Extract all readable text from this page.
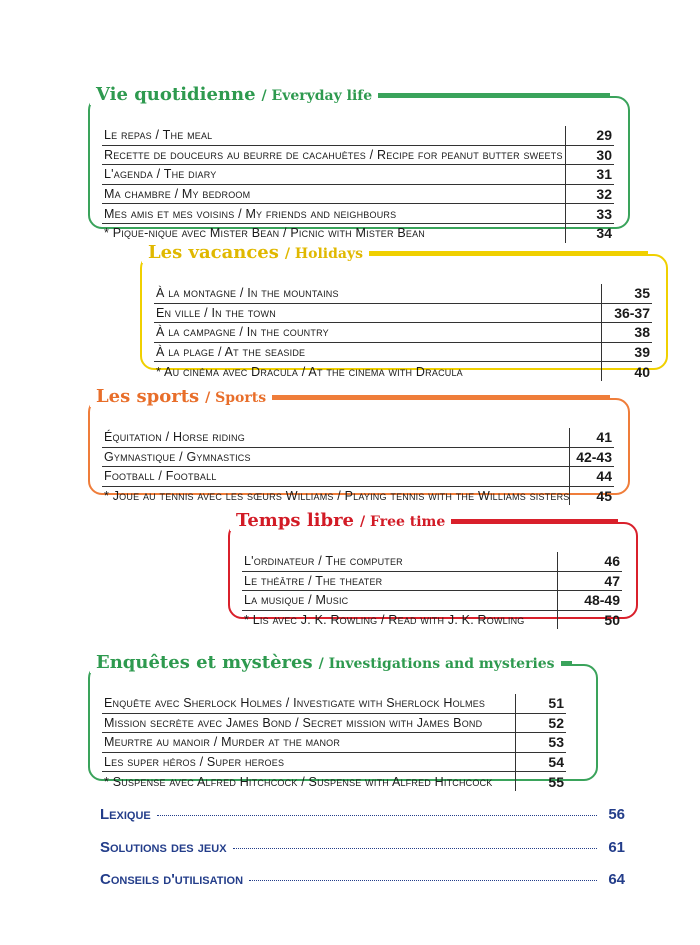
Vie quotidienne / Everyday life
Le repas / The meal	29
Recette de douceurs au beurre de cacahuètes / Recipe for peanut butter sweets	30
L'agenda / The diary	31
Ma chambre / My bedroom	32
Mes amis et mes voisins / My friends and neighbours	33
* Pique-nique avec Mister Bean / Picnic with Mister Bean	34
Les vacances / Holidays
À la montagne / In the mountains	35
En ville / In the town	36-37
À la campagne / In the country	38
À la plage / At the seaside	39
* Au cinéma avec Dracula / At the cinema with Dracula	40
Les sports / Sports
Équitation / Horse riding	41
Gymnastique / Gymnastics	42-43
Football / Football	44
* Joue au tennis avec les sœurs Williams / Playing tennis with the Williams sisters	45
Temps libre / Free time
L'ordinateur / The computer	46
Le théâtre / The theater	47
La musique / Music	48-49
* Lis avec J. K. Rowling / Read with J. K. Rowling	50
Enquêtes et mystères / Investigations and mysteries
Enquête avec Sherlock Holmes / Investigate with Sherlock Holmes	51
Mission secrète avec James Bond / Secret mission with James Bond	52
Meurtre au manoir / Murder at the manor	53
Les super héros / Super heroes	54
* Suspense avec Alfred Hitchcock / Suspense with Alfred Hitchcock	55
Lexique	56
Solutions des jeux	61
Conseils d'utilisation	64
